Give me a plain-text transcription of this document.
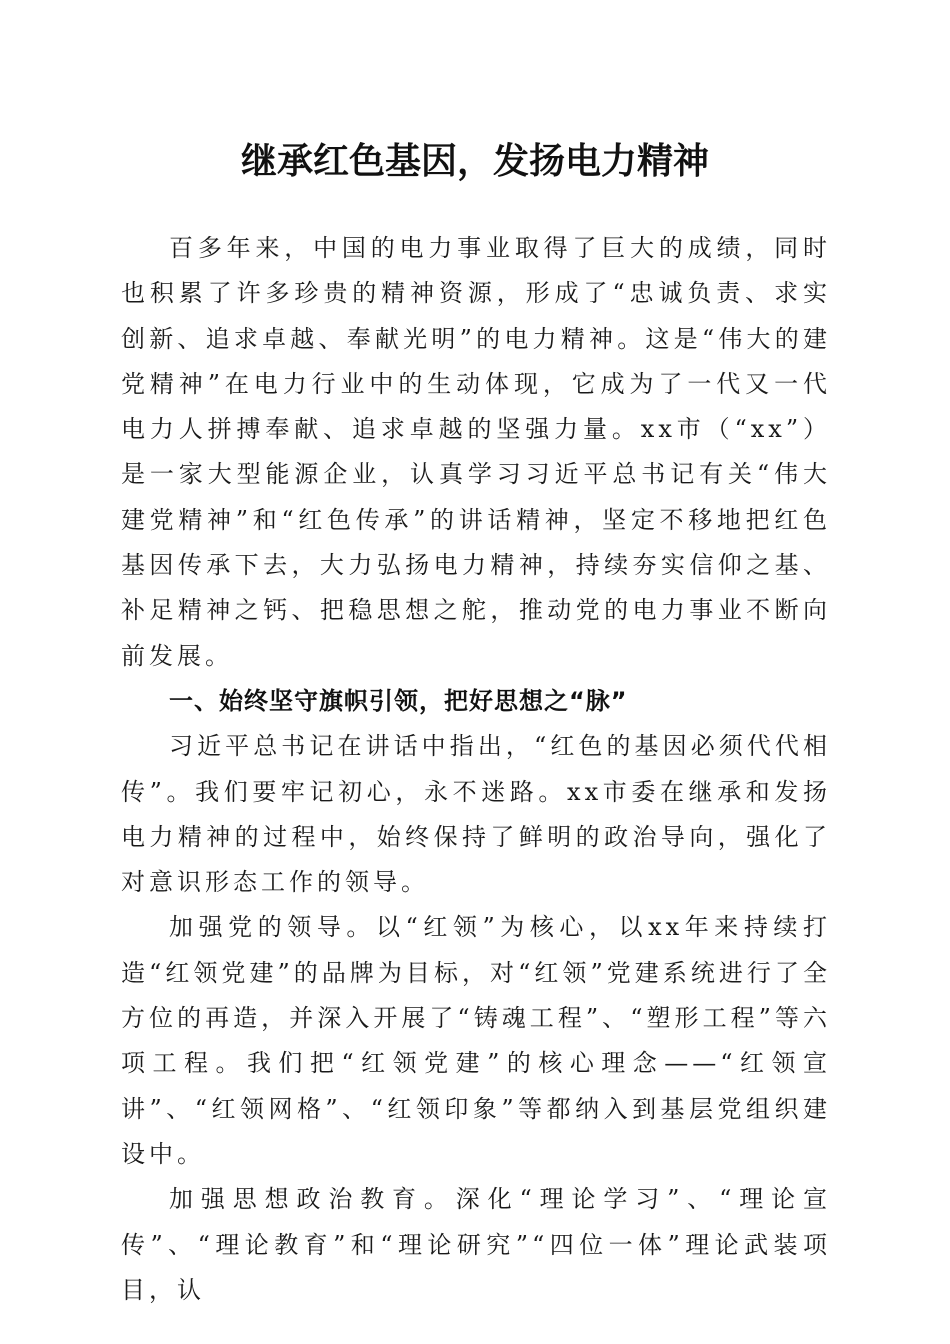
继承红色基因，发扬电力精神

百多年来，中国的电力事业取得了巨大的成绩，同时也积累了许多珍贵的精神资源，形成了“忠诚负责、求实创新、追求卓越、奉献光明”的电力精神。这是“伟大的建党精神”在电力行业中的生动体现，它成为了一代又一代电力人拼搏奉献、追求卓越的坚强力量。xx市（“xx”）是一家大型能源企业，认真学习习近平总书记有关“伟大建党精神”和“红色传承”的讲话精神，坚定不移地把红色基因传承下去，大力弘扬电力精神，持续夯实信仰之基、补足精神之钙、把稳思想之舵，推动党的电力事业不断向前发展。

一、始终坚守旗帜引领，把好思想之“脉”

习近平总书记在讲话中指出，“红色的基因必须代代相传”。我们要牢记初心，永不迷路。xx市委在继承和发扬电力精神的过程中，始终保持了鲜明的政治导向，强化了对意识形态工作的领导。

加强党的领导。以“红领”为核心，以xx年来持续打造“红领党建”的品牌为目标，对“红领”党建系统进行了全方位的再造，并深入开展了“铸魂工程”、“塑形工程”等六项工程。我们把“红领党建”的核心理念——“红领宣讲”、“红领网格”、“红领印象”等都纳入到基层党组织建设中。

加强思想政治教育。深化“理论学习”、“理论宣传”、“理论教育”和“理论研究”“四位一体”理论武装项目，认
